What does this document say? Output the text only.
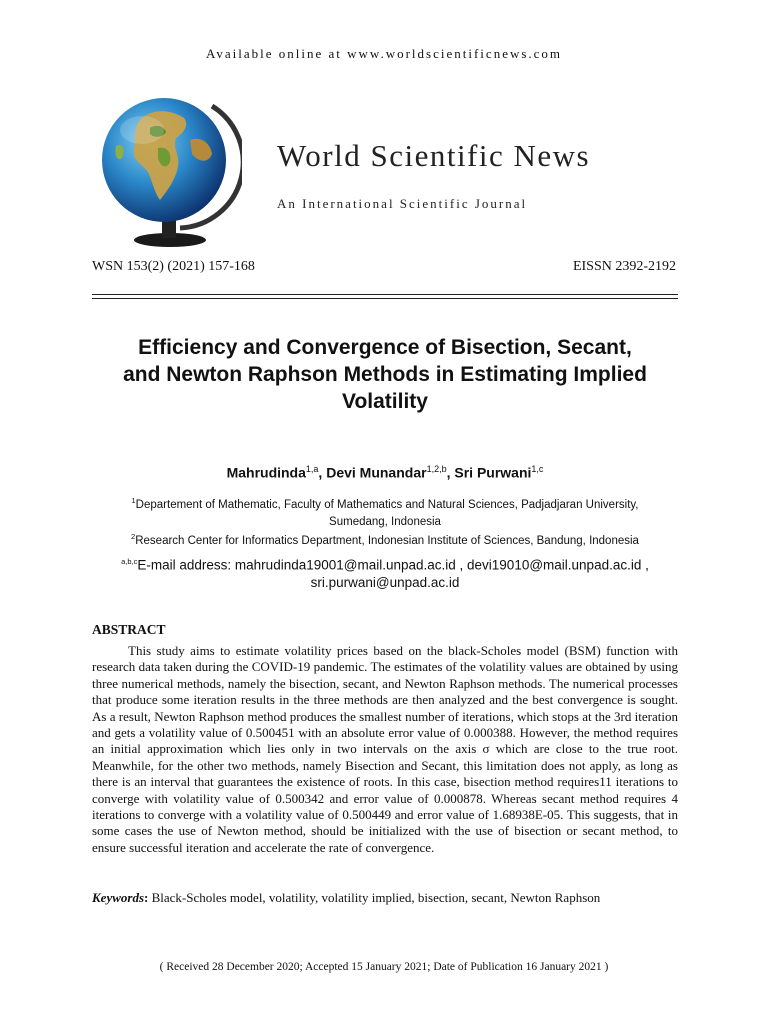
Available online at www.worldscientificnews.com
World Scientific News
An International Scientific Journal
WSN 153(2) (2021) 157-168	EISSN 2392-2192
Efficiency and Convergence of Bisection, Secant,
and Newton Raphson Methods in Estimating Implied
Volatility
Mahrudinda$^{1,a}$, Devi Munandar$^{1,2,b}$, Sri Purwani$^{1,c}$
$^1$Departement of Mathematic, Faculty of Mathematics and Natural Sciences, Padjadjaran University,
Sumedang, Indonesia
$^2$Research Center for Informatics Department, Indonesian Institute of Sciences, Bandung, Indonesia
$^{a,b,c}$E-mail address: mahrudinda19001@mail.unpad.ac.id , devi19010@mail.unpad.ac.id ,
sri.purwani@unpad.ac.id
ABSTRACT
This study aims to estimate volatility prices based on the black-Scholes model (BSM) function with research data taken during the COVID-19 pandemic. The estimates of the volatility values are obtained by using three numerical methods, namely the bisection, secant, and Newton Raphson methods. The numerical processes that produce some iteration results in the three methods are then analyzed and the best convergence is sought. As a result, Newton Raphson method produces the smallest number of iterations, which stops at the 3rd iteration and gets a volatility value of 0.500451 with an absolute error value of 0.000388. However, the method requires an initial approximation which lies only in two intervals on the axis σ which are close to the true root. Meanwhile, for the other two methods, namely Bisection and Secant, this limitation does not apply, as long as there is an interval that guarantees the existence of roots. In this case, bisection method requires11 iterations to converge with volatility value of 0.500342 and error value of 0.000878. Whereas secant method requires 4 iterations to converge with a volatility value of 0.500449 and error value of 1.68938E-05. This suggests, that in some cases the use of Newton method, should be initialized with the use of bisection or secant method, to ensure successful iteration and accelerate the rate of convergence.
Keywords: Black-Scholes model, volatility, volatility implied, bisection, secant, Newton Raphson
( Received 28 December 2020; Accepted 15 January 2021; Date of Publication 16 January 2021 )
